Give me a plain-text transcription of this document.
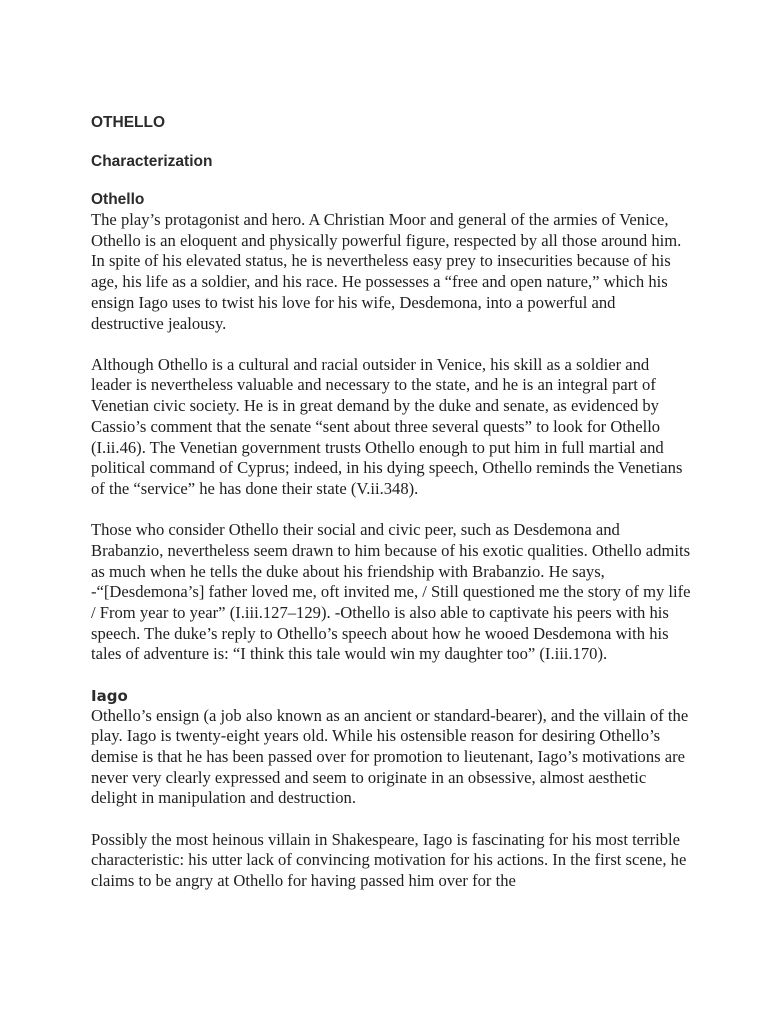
OTHELLO
Characterization
Othello

The play’s protagonist and hero. A Christian Moor and general of the armies of Venice, Othello is an eloquent and physically powerful figure, respected by all those around him. In spite of his elevated status, he is nevertheless easy prey to insecurities because of his age, his life as a soldier, and his race. He possesses a “free and open nature,” which his ensign Iago uses to twist his love for his wife, Desdemona, into a powerful and destructive jealousy.

Although Othello is a cultural and racial outsider in Venice, his skill as a soldier and leader is nevertheless valuable and necessary to the state, and he is an integral part of Venetian civic society. He is in great demand by the duke and senate, as evidenced by Cassio’s comment that the senate “sent about three several quests” to look for Othello (I.ii.46). The Venetian government trusts Othello enough to put him in full martial and political command of Cyprus; indeed, in his dying speech, Othello reminds the Venetians of the “service” he has done their state (V.ii.348).

Those who consider Othello their social and civic peer, such as Desdemona and Brabanzio, nevertheless seem drawn to him because of his exotic qualities. Othello admits as much when he tells the duke about his friendship with Brabanzio. He says, -“[Desdemona’s] father loved me, oft invited me, / Still questioned me the story of my life / From year to year” (I.iii.127–129). -Othello is also able to captivate his peers with his speech. The duke’s reply to Othello’s speech about how he wooed Desdemona with his tales of adventure is: “I think this tale would win my daughter too” (I.iii.170).

Iago

Othello’s ensign (a job also known as an ancient or standard-bearer), and the villain of the play. Iago is twenty-eight years old. While his ostensible reason for desiring Othello’s demise is that he has been passed over for promotion to lieutenant, Iago’s motivations are never very clearly expressed and seem to originate in an obsessive, almost aesthetic delight in manipulation and destruction.

Possibly the most heinous villain in Shakespeare, Iago is fascinating for his most terrible characteristic: his utter lack of convincing motivation for his actions. In the first scene, he claims to be angry at Othello for having passed him over for the
